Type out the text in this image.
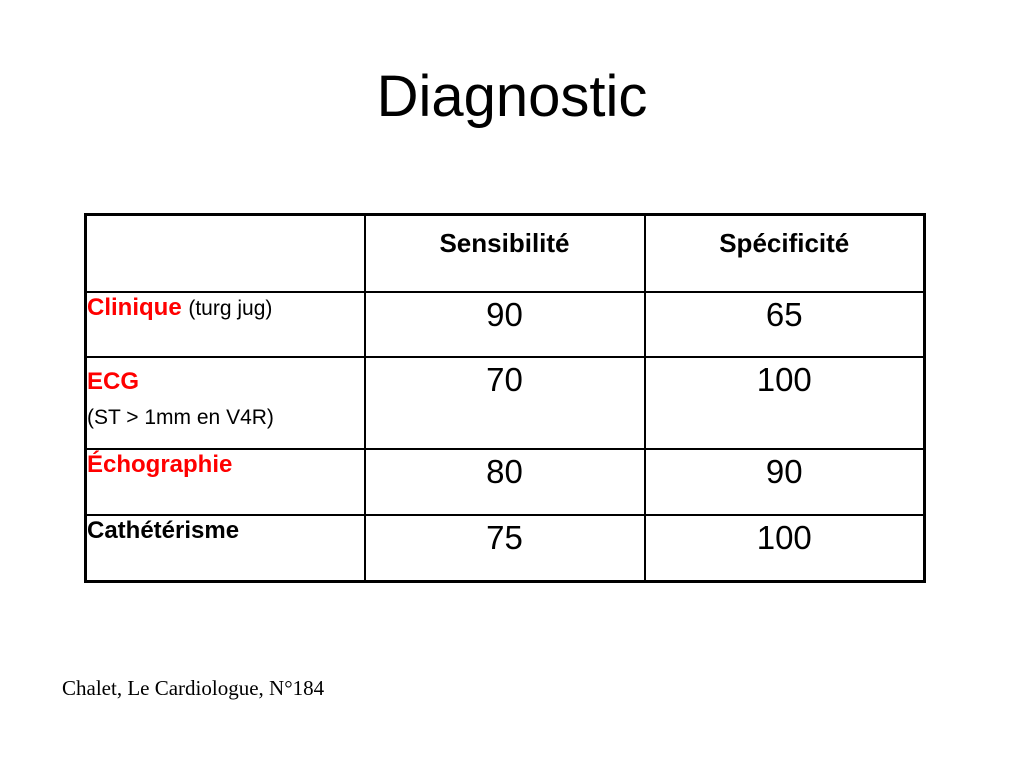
Diagnostic

	Sensibilité	Spécificité

Clinique (turg jug)	90	65
ECG
(ST > 1mm en V4R)	70	100
Échographie	80	90
Cathétérisme	75	100
Chalet, Le Cardiologue, N°184
